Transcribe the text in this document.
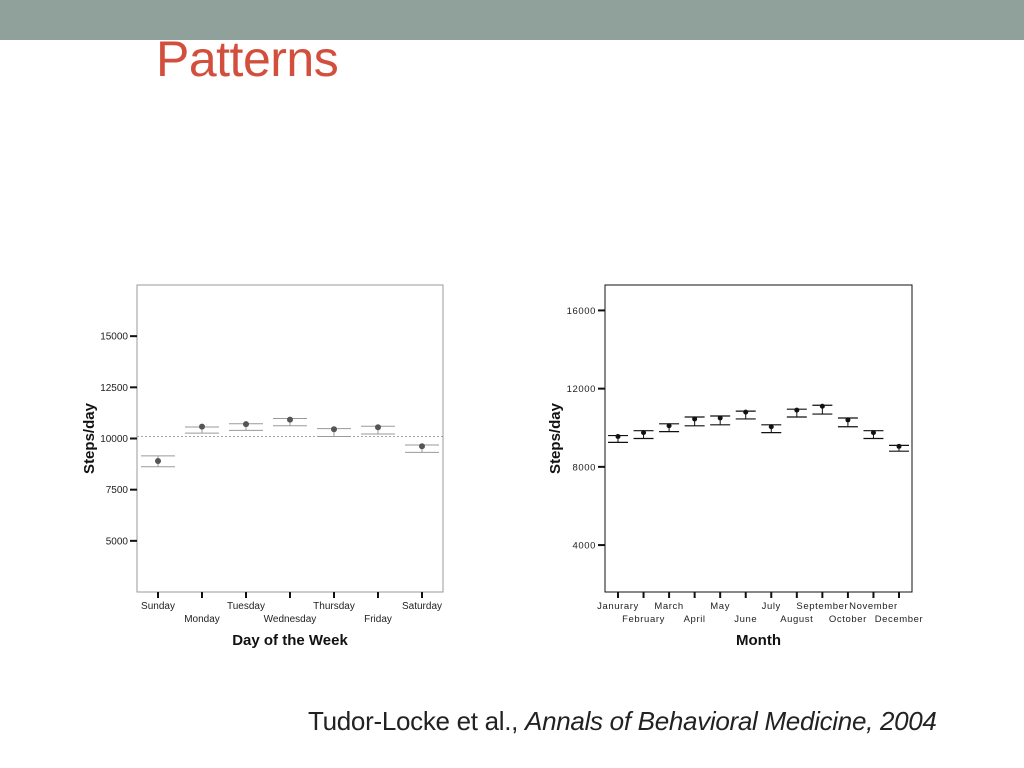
Patterns
5000
7500
10000
12500
15000
Sunday
Monday
Tuesday
Wednesday
Thursday
Friday
Saturday
Day of the Week
Steps/day
4000
8000
12000
16000
Janurary
February
March
April
May
June
July
August
September
October
November
December
Month
Steps/day
Tudor-Locke et al., Annals of Behavioral Medicine, 2004
